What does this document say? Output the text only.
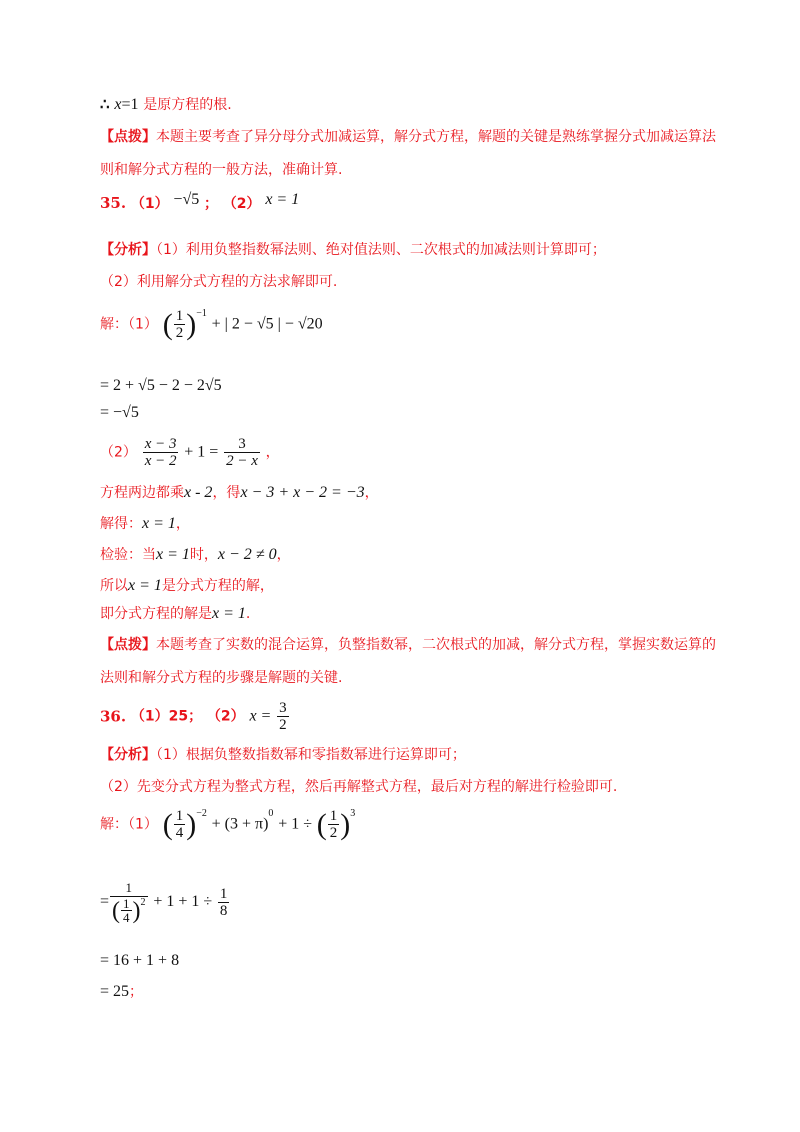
∴ x=1 是原方程的根.
【点拨】本题主要考查了异分母分式加减运算，解分式方程，解题的关键是熟练掌握分式加减运算法
则和解分式方程的一般方法，准确计算.
35. （1） −√5 ； （2） x = 1
【分析】（1）利用负整指数幂法则、绝对值法则、二次根式的加减法则计算即可；
（2）利用解分式方程的方法求解即可.
解：（1） ( $\frac{1}{2} )^{-1}$ + | 2 − √5 | − √20
= 2 + √5 − 2 − 2√5
= −√5
$(2) \frac{x - 3}{x - 2} + 1 = \frac{3}{2 - x}$ ，
方程两边都乘x - 2，得x − 3 + x − 2 = −3，
解得：x = 1，
检验：当x = 1时，x − 2 ≠ 0，
所以x = 1是分式方程的解，
即分式方程的解是x = 1.
【点拨】本题考查了实数的混合运算，负整指数幂，二次根式的加减，解分式方程，掌握实数运算的
法则和解分式方程的步骤是解题的关键.
36. （1）25； （2） $x = \frac{3}{2}$
【分析】（1）根据负整数指数幂和零指数幂进行运算即可；
（2）先变分式方程为整式方程，然后再解整式方程，最后对方程的解进行检验即可.
解：（1） ( $\frac{1}{4} )^{-2} + (3 + \pi)^0 + 1$ ÷ ( $\frac{1}{2} )^3$
= $\frac{1}{( \frac{1}{4} )^2} + 1 + 1 \div \frac{1}{8}$
= 16 + 1 + 8
= 25；
